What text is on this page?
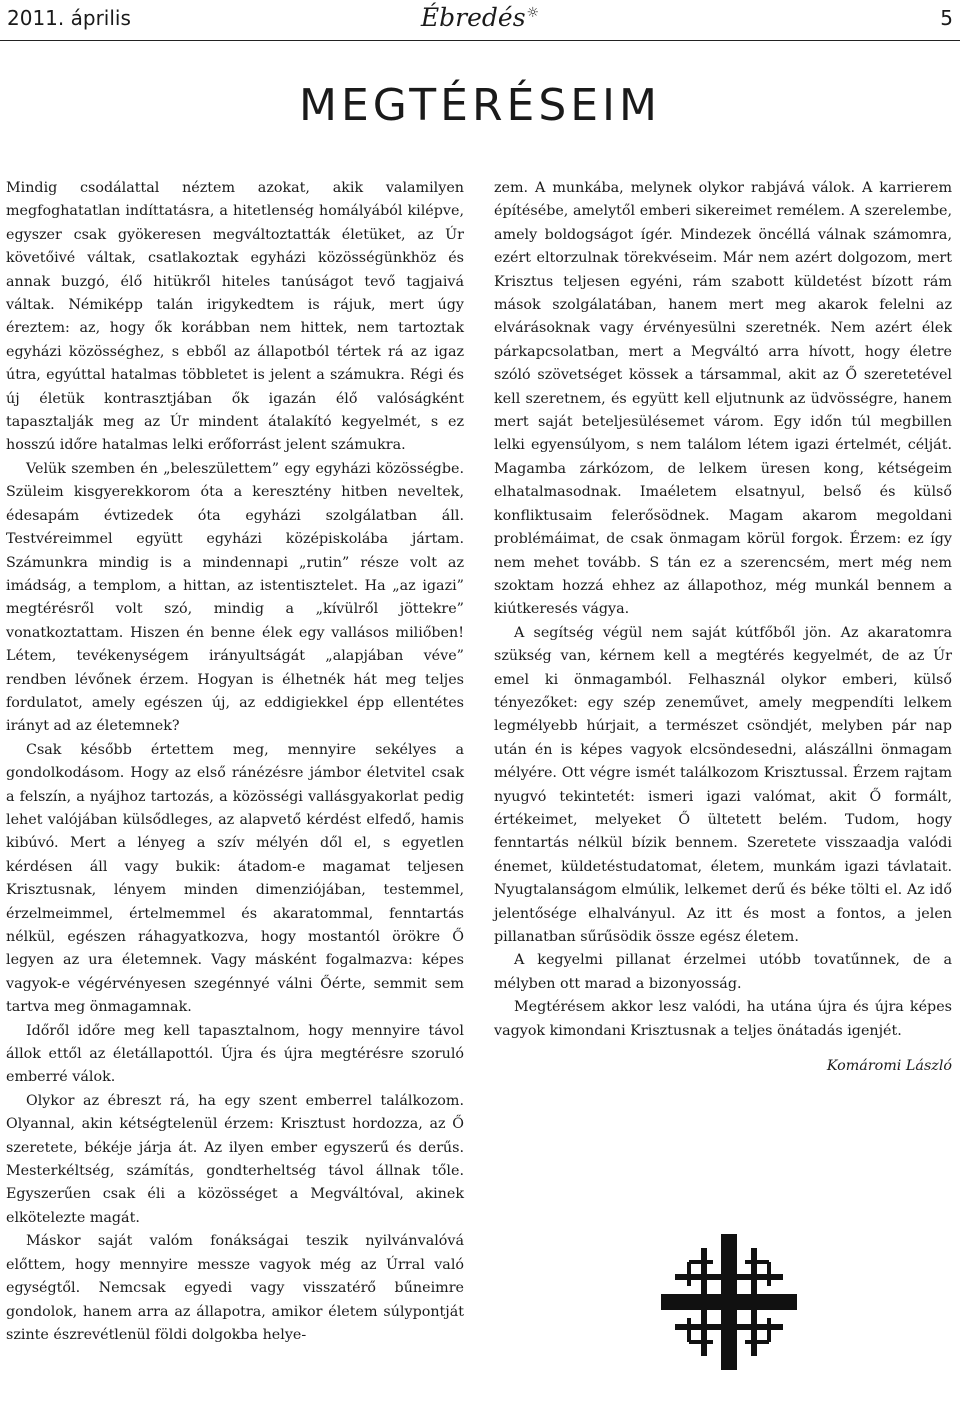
2011. április	Ébredés☼	5
MEGTÉRÉSEIM

Mindig csodálattal néztem azokat, akik valamilyen megfoghatatlan indíttatásra, a hitetlenség homályából kilépve, egyszer csak gyökeresen megváltoztatták életüket, az Úr követőivé váltak, csatlakoztak egyházi közösségünkhöz és annak buzgó, élő hitükről hiteles tanúságot tevő tagjaivá váltak. Némiképp talán irigykedtem is rájuk, mert úgy éreztem: az, hogy ők korábban nem hittek, nem tartoztak egyházi közösséghez, s ebből az állapotból tértek rá az igaz útra, egyúttal hatalmas többletet is jelent a számukra. Régi és új életük kontrasztjában ők igazán élő valóságként tapasztalják meg az Úr mindent átalakító kegyelmét, s ez hosszú időre hatalmas lelki erőforrást jelent számukra.

Velük szemben én „beleszülettem” egy egyházi közösségbe. Szüleim kisgyerekkorom óta a keresztény hitben neveltek, édesapám évtizedek óta egyházi szolgálatban áll. Testvéreimmel együtt egyházi középiskolába jártam. Számunkra mindig is a mindennapi „rutin” része volt az imádság, a templom, a hittan, az istentisztelet. Ha „az igazi” megtérésről volt szó, mindig a „kívülről jöttekre” vonatkoztattam. Hiszen én benne élek egy vallásos miliőben! Létem, tevékenységem irányultságát „alapjában véve” rendben lévőnek érzem. Hogyan is élhetnék hát meg teljes fordulatot, amely egészen új, az eddigiekkel épp ellentétes irányt ad az életemnek?

Csak később értettem meg, mennyire sekélyes a gondolkodásom. Hogy az első ránézésre jámbor életvitel csak a felszín, a nyájhoz tartozás, a közösségi vallásgyakorlat pedig lehet valójában külsődleges, az alapvető kérdést elfedő, hamis kibúvó. Mert a lényeg a szív mélyén dől el, s egyetlen kérdésen áll vagy bukik: átadom-e magamat teljesen Krisztusnak, lényem minden dimenziójában, testemmel, érzelmeimmel, értelmemmel és akaratommal, fenntartás nélkül, egészen ráhagyatkozva, hogy mostantól örökre Ő legyen az ura életemnek. Vagy másként fogalmazva: képes vagyok-e végérvényesen szegénnyé válni Őérte, semmit sem tartva meg önmagamnak.

Időről időre meg kell tapasztalnom, hogy mennyire távol állok ettől az életállapottól. Újra és újra megtérésre szoruló emberré válok.

Olykor az ébreszt rá, ha egy szent emberrel találkozom. Olyannal, akin kétségtelenül érzem: Krisztust hordozza, az Ő szeretete, békéje járja át. Az ilyen ember egyszerű és derűs. Mesterkéltség, számítás, gondterheltség távol állnak tőle. Egyszerűen csak éli a közösséget a Megváltóval, akinek elkötelezte magát.

Máskor saját valóm fonákságai teszik nyilvánvalóvá előttem, hogy mennyire messze vagyok még az Úrral való egységtől. Nemcsak egyedi vagy visszatérő bűneimre gondolok, hanem arra az állapotra, amikor életem súlypontját szinte észrevétlenül földi dolgokba helye-

zem. A munkába, melynek olykor rabjává válok. A karrierem építésébe, amelytől emberi sikereimet remélem. A szerelembe, amely boldogságot ígér. Mindezek öncéllá válnak számomra, ezért eltorzulnak törekvéseim. Már nem azért dolgozom, mert Krisztus teljesen egyéni, rám szabott küldetést bízott rám mások szolgálatában, hanem mert meg akarok felelni az elvárásoknak vagy érvényesülni szeretnék. Nem azért élek párkapcsolatban, mert a Megváltó arra hívott, hogy életre szóló szövetséget kössek a társammal, akit az Ő szeretetével kell szeretnem, és együtt kell eljutnunk az üdvösségre, hanem mert saját beteljesülésemet várom. Egy időn túl megbillen lelki egyensúlyom, s nem találom létem igazi értelmét, célját. Magamba zárkózom, de lelkem üresen kong, kétségeim elhatalmasodnak. Imaéletem elsatnyul, belső és külső konfliktusaim felerősödnek. Magam akarom megoldani problémáimat, de csak önmagam körül forgok. Érzem: ez így nem mehet tovább. S tán ez a szerencsém, mert még nem szoktam hozzá ehhez az állapothoz, még munkál bennem a kiútkeresés vágya.

A segítség végül nem saját kútfőből jön. Az akaratomra szükség van, kérnem kell a megtérés kegyelmét, de az Úr emel ki önmagamból. Felhasznál olykor emberi, külső tényezőket: egy szép zeneművet, amely megpendíti lelkem legmélyebb húrjait, a természet csöndjét, melyben pár nap után én is képes vagyok elcsöndesedni, alászállni önmagam mélyére. Ott végre ismét találkozom Krisztussal. Érzem rajtam nyugvó tekintetét: ismeri igazi valómat, akit Ő formált, értékeimet, melyeket Ő ültetett belém. Tudom, hogy fenntartás nélkül bízik bennem. Szeretete visszaadja valódi énemet, küldetéstudatomat, életem, munkám igazi távlatait. Nyugtalanságom elmúlik, lelkemet derű és béke tölti el. Az idő jelentősége elhalványul. Az itt és most a fontos, a jelen pillanatban sűrűsödik össze egész életem.

A kegyelmi pillanat érzelmei utóbb tovatűnnek, de a mélyben ott marad a bizonyosság.

Megtérésem akkor lesz valódi, ha utána újra és újra képes vagyok kimondani Krisztusnak a teljes önátadás igenjét.

Komáromi László
